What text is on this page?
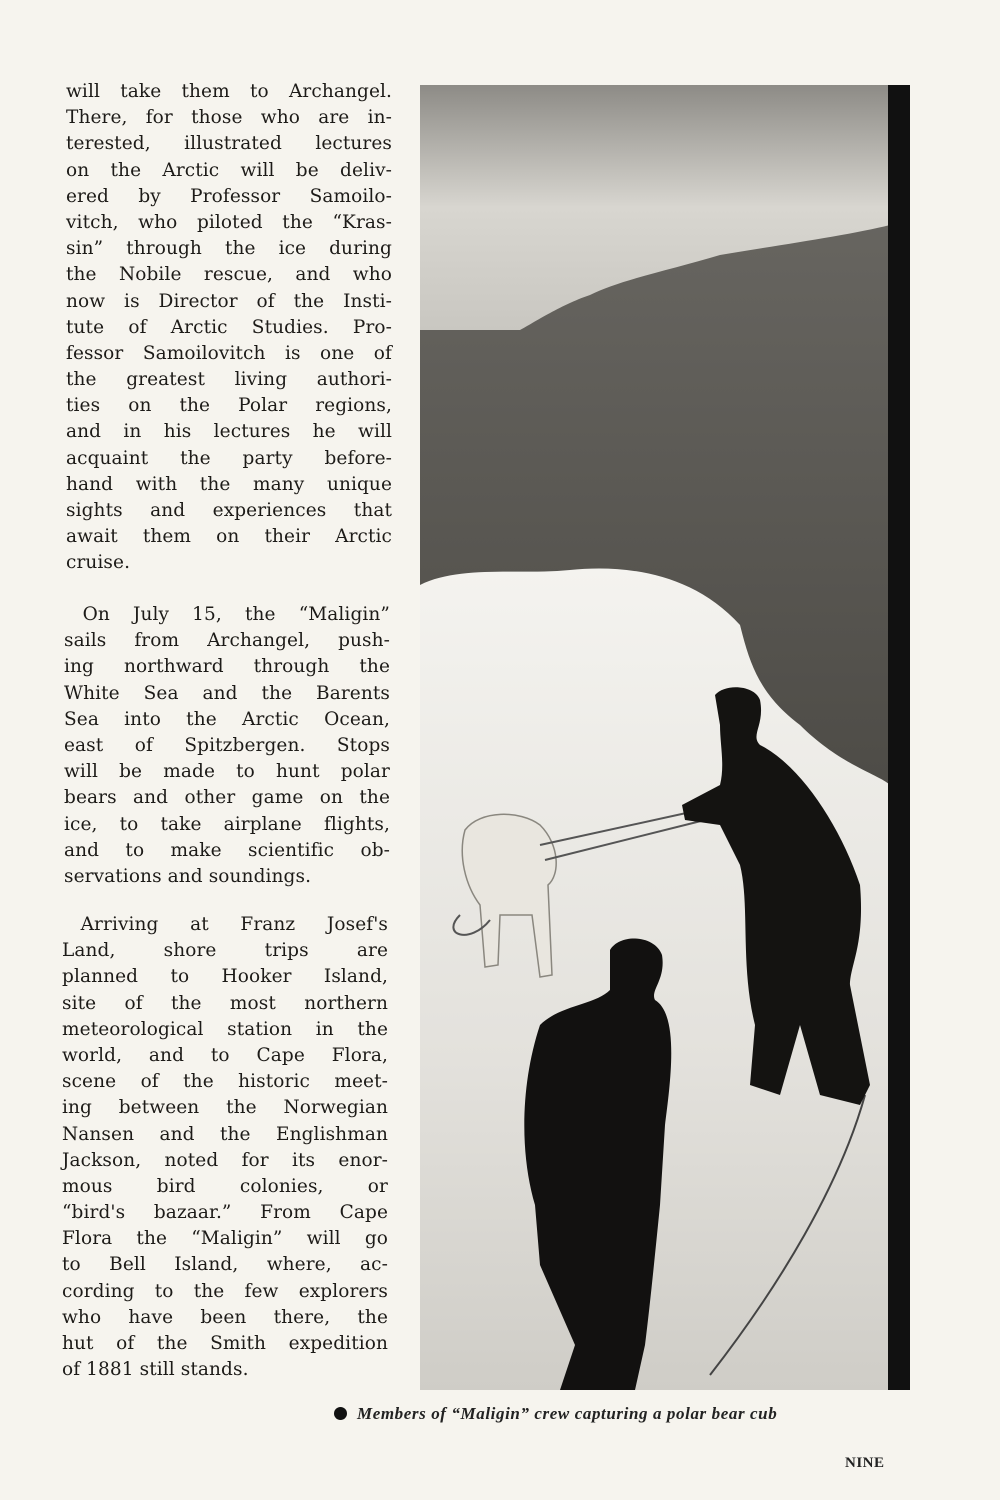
will take them to Archangel.
There, for those who are in-
terested, illustrated lectures
on the Arctic will be deliv-
ered by Professor Samoilo-
vitch, who piloted the “Kras-
sin” through the ice during
the Nobile rescue, and who
now is Director of the Insti-
tute of Arctic Studies. Pro-
fessor Samoilovitch is one of
the greatest living authori-
ties on the Polar regions,
and in his lectures he will
acquaint the party before-
hand with the many unique
sights and experiences that
await them on their Arctic
cruise.
 On July 15, the “Maligin”
sails from Archangel, push-
ing northward through the
White Sea and the Barents
Sea into the Arctic Ocean,
east of Spitzbergen. Stops
will be made to hunt polar
bears and other game on the
ice, to take airplane flights,
and to make scientific ob-
servations and soundings.
 Arriving at Franz Josef's
Land, shore trips are
planned to Hooker Island,
site of the most northern
meteorological station in the
world, and to Cape Flora,
scene of the historic meet-
ing between the Norwegian
Nansen and the Englishman
Jackson, noted for its enor-
mous bird colonies, or
“bird's bazaar.” From Cape
Flora the “Maligin” will go
to Bell Island, where, ac-
cording to the few explorers
who have been there, the
hut of the Smith expedition
of 1881 still stands.
Members of “Maligin” crew capturing a polar bear cub
NINE
